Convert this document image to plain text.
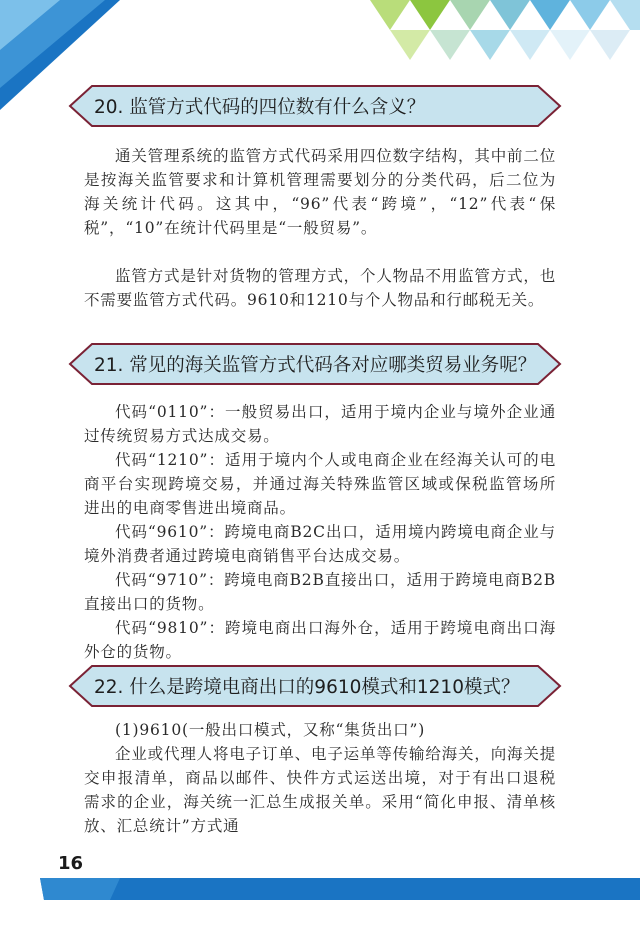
20. 监管方式代码的四位数有什么含义？

通关管理系统的监管方式代码采用四位数字结构，其中前二位是按海关监管要求和计算机管理需要划分的分类代码，后二位为海关统计代码。这其中，“96”代表“跨境”，“12”代表“保税”，“10”在统计代码里是“一般贸易”。

监管方式是针对货物的管理方式，个人物品不用监管方式，也不需要监管方式代码。9610和1210与个人物品和行邮税无关。

21. 常见的海关监管方式代码各对应哪类贸易业务呢？

代码“0110”：一般贸易出口，适用于境内企业与境外企业通过传统贸易方式达成交易。

代码“1210”：适用于境内个人或电商企业在经海关认可的电商平台实现跨境交易，并通过海关特殊监管区域或保税监管场所进出的电商零售进出境商品。

代码“9610”：跨境电商B2C出口，适用境内跨境电商企业与境外消费者通过跨境电商销售平台达成交易。

代码“9710”：跨境电商B2B直接出口，适用于跨境电商B2B直接出口的货物。

代码“9810”：跨境电商出口海外仓，适用于跨境电商出口海外仓的货物。

22. 什么是跨境电商出口的9610模式和1210模式？

(1)9610(一般出口模式，又称“集货出口”)

企业或代理人将电子订单、电子运单等传输给海关，向海关提交申报清单，商品以邮件、快件方式运送出境，对于有出口退税需求的企业，海关统一汇总生成报关单。采用“简化申报、清单核放、汇总统计”方式通

16
